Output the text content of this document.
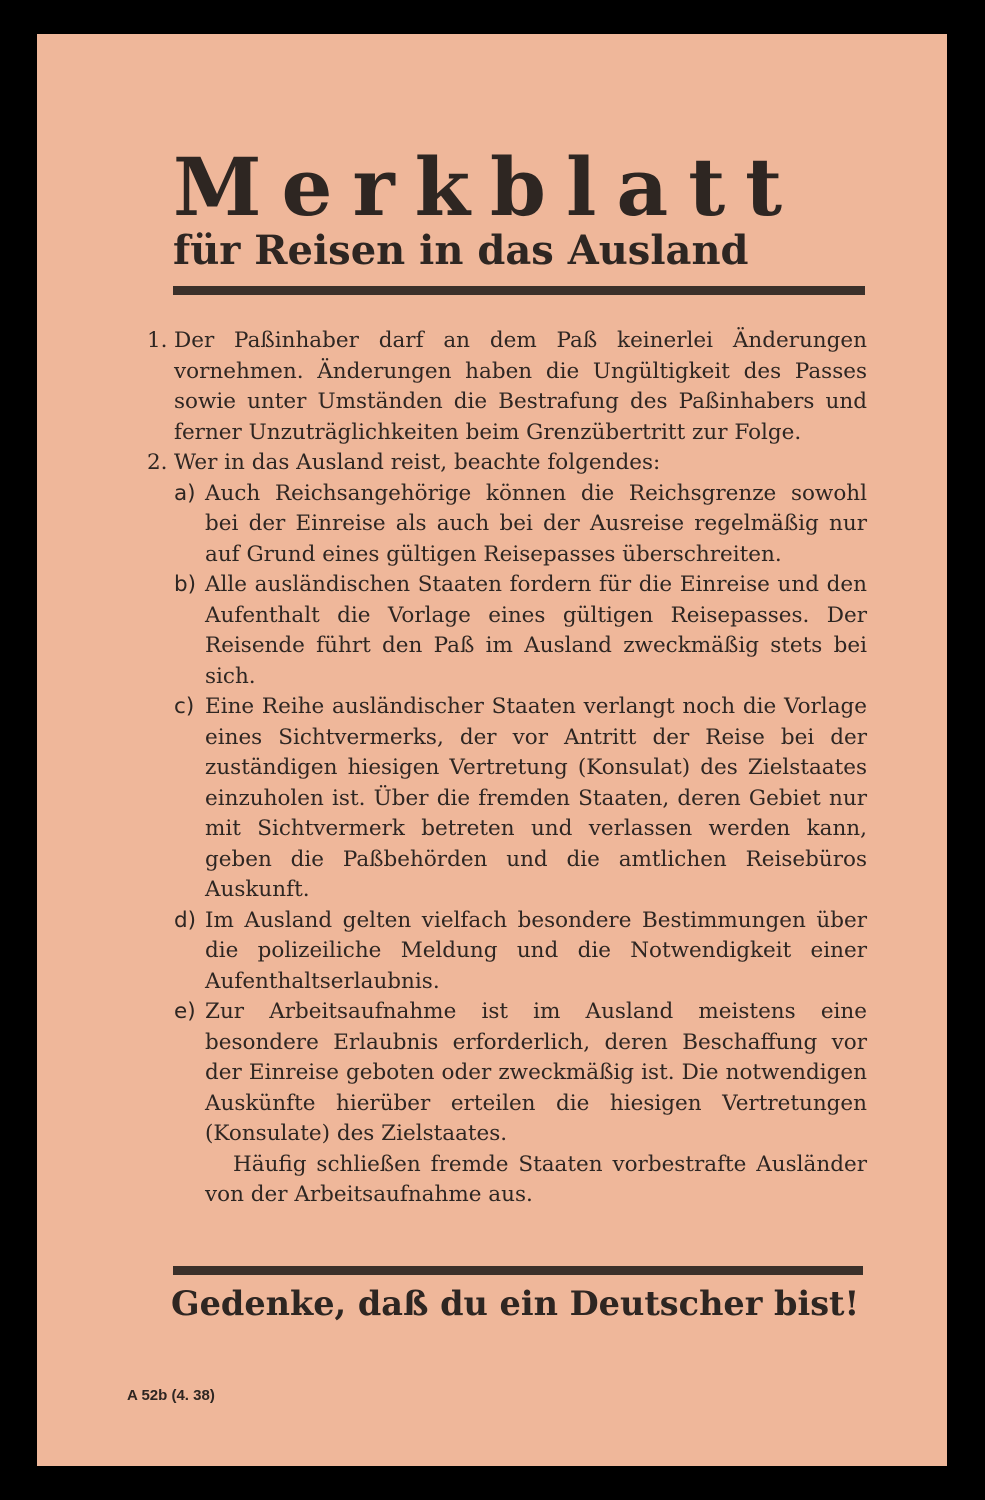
Merkblatt
für Reisen in das Ausland
1. Der Paßinhaber darf an dem Paß keinerlei Änderungen vornehmen. Änderungen haben die Ungültigkeit des Passes sowie unter Umständen die Bestrafung des Paßinhabers und ferner Unzuträglichkeiten beim Grenzübertritt zur Folge.

2. Wer in das Ausland reist, beachte folgendes:

a) Auch Reichsangehörige können die Reichsgrenze sowohl bei der Einreise als auch bei der Ausreise regelmäßig nur auf Grund eines gültigen Reisepasses überschreiten.

b) Alle ausländischen Staaten fordern für die Einreise und den Aufenthalt die Vorlage eines gültigen Reisepasses. Der Reisende führt den Paß im Ausland zweckmäßig stets bei sich.

c) Eine Reihe ausländischer Staaten verlangt noch die Vorlage eines Sichtvermerks, der vor Antritt der Reise bei der zuständigen hiesigen Vertretung (Konsulat) des Zielstaates einzuholen ist. Über die fremden Staaten, deren Gebiet nur mit Sichtvermerk betreten und verlassen werden kann, geben die Paßbehörden und die amtlichen Reisebüros Auskunft.

d) Im Ausland gelten vielfach besondere Bestimmungen über die polizeiliche Meldung und die Notwendigkeit einer Aufenthaltserlaubnis.

e) Zur Arbeitsaufnahme ist im Ausland meistens eine besondere Erlaubnis erforderlich, deren Beschaffung vor der Einreise geboten oder zweckmäßig ist. Die notwendigen Auskünfte hierüber erteilen die hiesigen Vertretungen (Konsulate) des Zielstaates.

Häufig schließen fremde Staaten vorbestrafte Ausländer von der Arbeitsaufnahme aus.

Gedenke, daß du ein Deutscher bist!

A 52b (4. 38)
